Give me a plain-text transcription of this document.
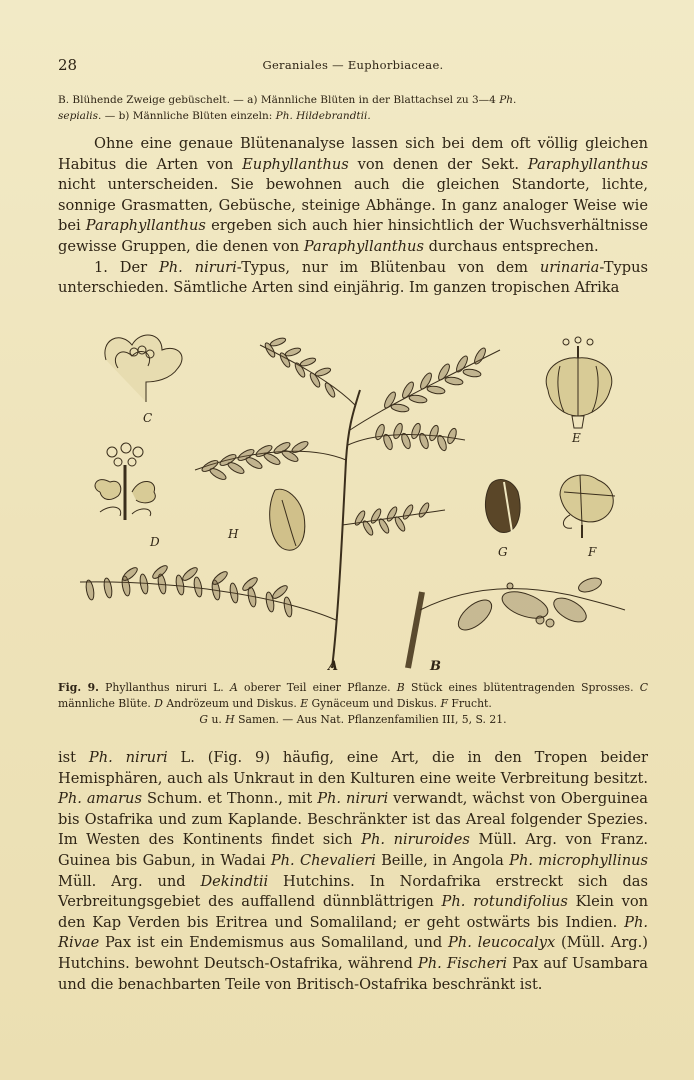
28	Geraniales — Euphorbiaceae.
B. Blühende Zweige gebüschelt. — a) Männliche Blüten in der Blattachsel zu 3—4 Ph.
sepialis. — b) Männliche Blüten einzeln: Ph. Hildebrandtii.
Ohne eine genaue Blütenanalyse lassen sich bei dem oft völlig gleichen Habitus die Arten von Euphyllanthus von denen der Sekt. Paraphyllanthus nicht unterscheiden. Sie bewohnen auch die gleichen Standorte, lichte, sonnige Grasmatten, Gebüsche, steinige Abhänge. In ganz analoger Weise wie bei Paraphyllanthus ergeben sich auch hier hinsichtlich der Wuchsverhältnisse gewisse Gruppen, die denen von Paraphyllanthus durchaus entsprechen.
1. Der Ph. niruri-Typus, nur im Blütenbau von dem urinaria-Typus unterschieden. Sämtliche Arten sind einjährig. Im ganzen tropischen Afrika
A	B
C
D
E
F
G
H
Fig. 9. Phyllanthus niruri L. A oberer Teil einer Pflanze. B Stück eines blütentragenden Sprosses. C männliche Blüte. D Andrözeum und Diskus. E Gynäceum und Diskus. F Frucht.
G u. H Samen. — Aus Nat. Pflanzenfamilien III, 5, S. 21.
ist Ph. niruri L. (Fig. 9) häufig, eine Art, die in den Tropen beider Hemisphären, auch als Unkraut in den Kulturen eine weite Verbreitung besitzt. Ph. amarus Schum. et Thonn., mit Ph. niruri verwandt, wächst von Oberguinea bis Ostafrika und zum Kaplande. Beschränkter ist das Areal folgender Spezies. Im Westen des Kontinents findet sich Ph. niruroides Müll. Arg. von Franz. Guinea bis Gabun, in Wadai Ph. Chevalieri Beille, in Angola Ph. microphyllinus Müll. Arg. und Dekindtii Hutchins. In Nordafrika erstreckt sich das Verbreitungsgebiet des auffallend dünnblättrigen Ph. rotundifolius Klein von den Kap Verden bis Eritrea und Somaliland; er geht ostwärts bis Indien. Ph. Rivae Pax ist ein Endemismus aus Somaliland, und Ph. leucocalyx (Müll. Arg.) Hutchins. bewohnt Deutsch-Ostafrika, während Ph. Fischeri Pax auf Usambara und die benachbarten Teile von Britisch-Ostafrika beschränkt ist.
